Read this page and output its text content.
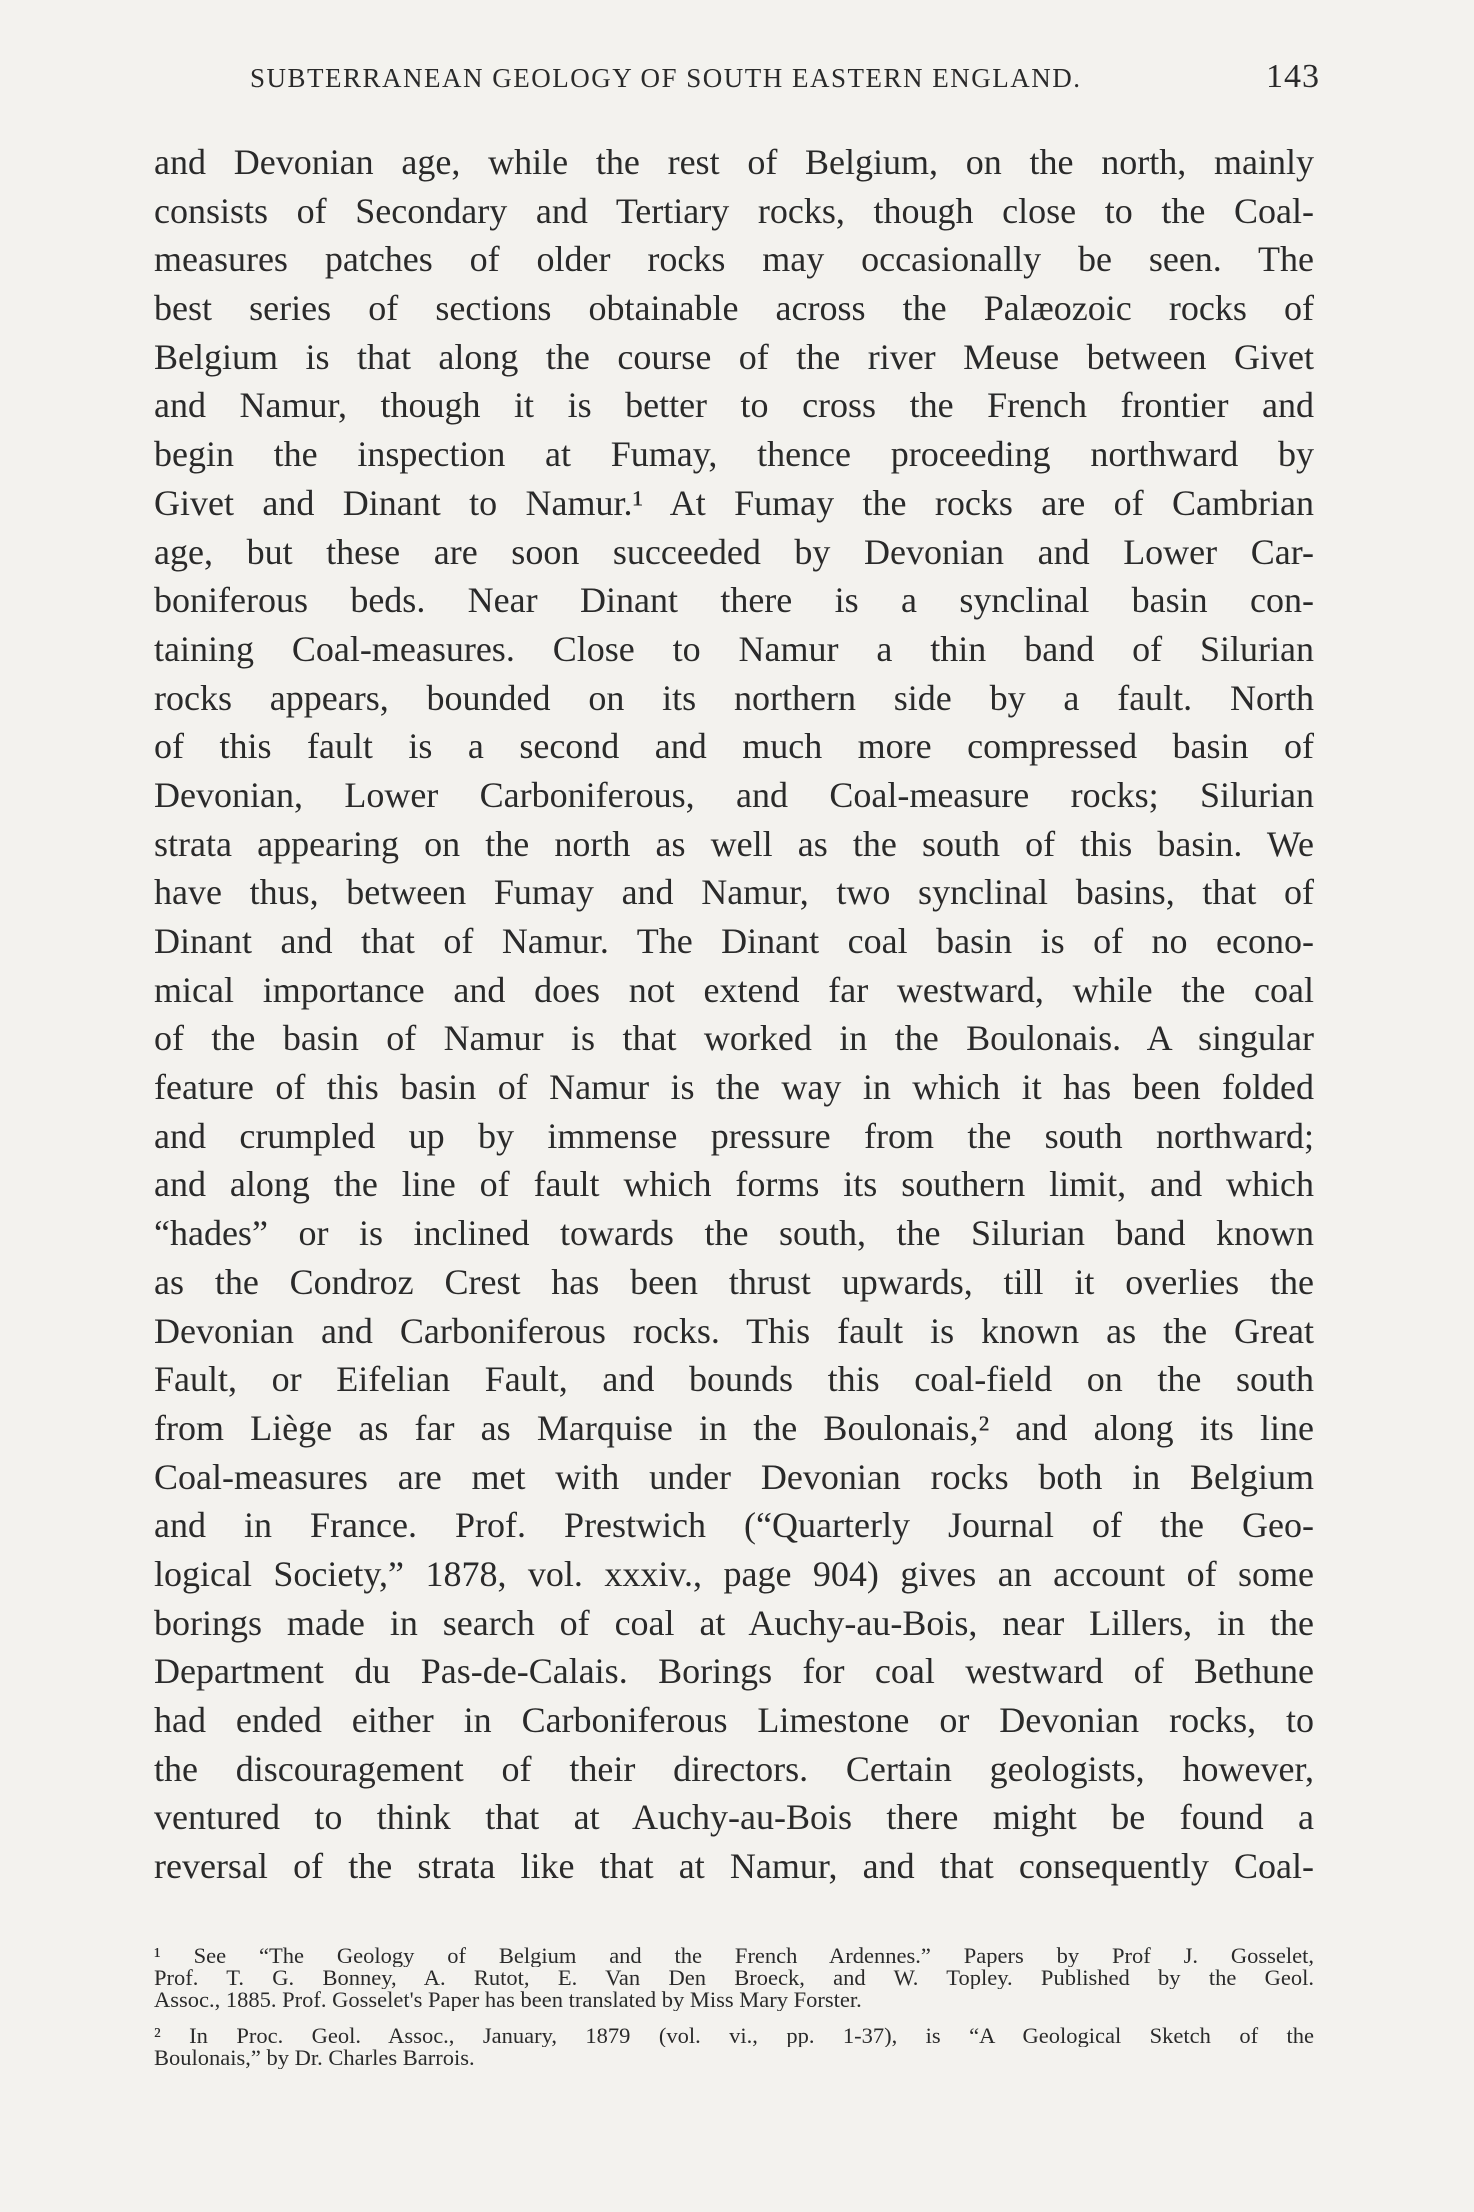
SUBTERRANEAN GEOLOGY OF SOUTH EASTERN ENGLAND.	143
and Devonian age, while the rest of Belgium, on the north, mainly
consists of Secondary and Tertiary rocks, though close to the Coal-
measures patches of older rocks may occasionally be seen. The
best series of sections obtainable across the Palæozoic rocks of
Belgium is that along the course of the river Meuse between Givet
and Namur, though it is better to cross the French frontier and
begin the inspection at Fumay, thence proceeding northward by
Givet and Dinant to Namur.¹ At Fumay the rocks are of Cambrian
age, but these are soon succeeded by Devonian and Lower Car-
boniferous beds. Near Dinant there is a synclinal basin con-
taining Coal-measures. Close to Namur a thin band of Silurian
rocks appears, bounded on its northern side by a fault. North
of this fault is a second and much more compressed basin of
Devonian, Lower Carboniferous, and Coal-measure rocks; Silurian
strata appearing on the north as well as the south of this basin. We
have thus, between Fumay and Namur, two synclinal basins, that of
Dinant and that of Namur. The Dinant coal basin is of no econo-
mical importance and does not extend far westward, while the coal
of the basin of Namur is that worked in the Boulonais. A singular
feature of this basin of Namur is the way in which it has been folded
and crumpled up by immense pressure from the south northward;
and along the line of fault which forms its southern limit, and which
“hades” or is inclined towards the south, the Silurian band known
as the Condroz Crest has been thrust upwards, till it overlies the
Devonian and Carboniferous rocks. This fault is known as the Great
Fault, or Eifelian Fault, and bounds this coal-field on the south
from Liège as far as Marquise in the Boulonais,² and along its line
Coal-measures are met with under Devonian rocks both in Belgium
and in France. Prof. Prestwich (“Quarterly Journal of the Geo-
logical Society,” 1878, vol. xxxiv., page 904) gives an account of some
borings made in search of coal at Auchy-au-Bois, near Lillers, in the
Department du Pas-de-Calais. Borings for coal westward of Bethune
had ended either in Carboniferous Limestone or Devonian rocks, to
the discouragement of their directors. Certain geologists, however,
ventured to think that at Auchy-au-Bois there might be found a
reversal of the strata like that at Namur, and that consequently Coal-
¹ See “The Geology of Belgium and the French Ardennes.” Papers by Prof J. Gosselet,
Prof. T. G. Bonney, A. Rutot, E. Van Den Broeck, and W. Topley. Published by the Geol.
Assoc., 1885. Prof. Gosselet's Paper has been translated by Miss Mary Forster.
² In Proc. Geol. Assoc., January, 1879 (vol. vi., pp. 1-37), is “A Geological Sketch of the
Boulonais,” by Dr. Charles Barrois.
